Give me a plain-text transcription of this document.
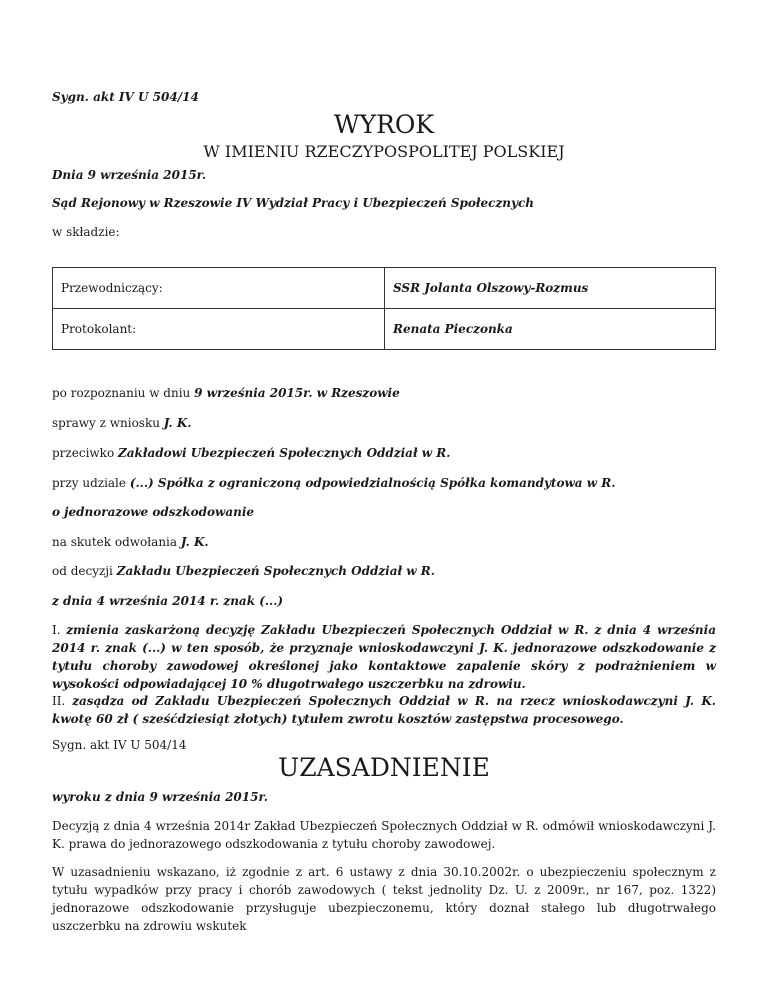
Sygn. akt IV U 504/14
WYROK
W IMIENIU RZECZYPOSPOLITEJ POLSKIEJ
Dnia 9 września 2015r.
Sąd Rejonowy w Rzeszowie IV Wydział Pracy i Ubezpieczeń Społecznych
w składzie:
Przewodniczący:	SSR Jolanta Olszowy-Rozmus
Protokolant:	Renata Pieczonka
po rozpoznaniu w dniu 9 września 2015r. w Rzeszowie
sprawy z wniosku J. K.
przeciwko Zakładowi Ubezpieczeń Społecznych Oddział w R.
przy udziale (...) Spółka z ograniczoną odpowiedzialnością Spółka komandytowa w R.
o jednorazowe odszkodowanie
na skutek odwołania J. K.
od decyzji Zakładu Ubezpieczeń Społecznych Oddział w R.
z dnia 4 września 2014 r. znak (...)
I. zmienia zaskarżoną decyzję Zakładu Ubezpieczeń Społecznych Oddział w R. z dnia 4 września 2014 r. znak (...) w ten sposób, że przyznaje wnioskodawczyni J. K. jednorazowe odszkodowanie z tytułu choroby zawodowej określonej jako kontaktowe zapalenie skóry z podrażnieniem w wysokości odpowiadającej 10 % długotrwałego uszczerbku na zdrowiu.
II. zasądza od Zakładu Ubezpieczeń Społecznych Oddział w R. na rzecz wnioskodawczyni J. K. kwotę 60 zł ( sześćdziesiąt złotych) tytułem zwrotu kosztów zastępstwa procesowego.
Sygn. akt IV U 504/14
UZASADNIENIE
wyroku z dnia 9 września 2015r.
Decyzją z dnia 4 września 2014r Zakład Ubezpieczeń Społecznych Oddział w R. odmówił wnioskodawczyni J. K. prawa do jednorazowego odszkodowania z tytułu choroby zawodowej.
W uzasadnieniu wskazano, iż zgodnie z art. 6 ustawy z dnia 30.10.2002r. o ubezpieczeniu społecznym z tytułu wypadków przy pracy i chorób zawodowych ( tekst jednolity Dz. U. z 2009r., nr 167, poz. 1322) jednorazowe odszkodowanie przysługuje ubezpieczonemu, który doznał stałego lub długotrwałego uszczerbku na zdrowiu wskutek
